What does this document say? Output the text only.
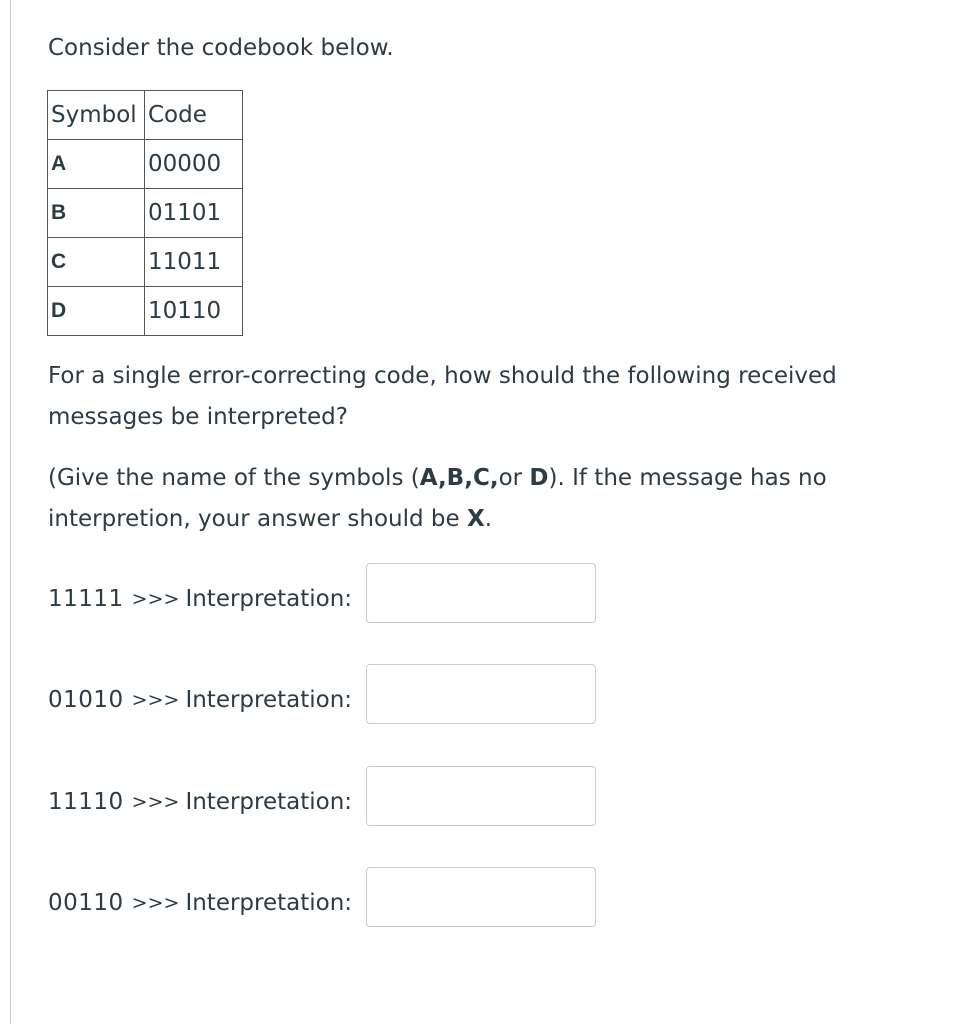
Consider the codebook below.

Symbol	Code
A	00000
B	01101
C	11011
D	10110

For a single error-correcting code, how should the following received messages be interpreted?

(Give the name of the symbols (A,B,C,or D). If the message has no interpretion, your answer should be X.

11111 >>> Interpretation:
01010 >>> Interpretation:
11110 >>> Interpretation:
00110 >>> Interpretation:
